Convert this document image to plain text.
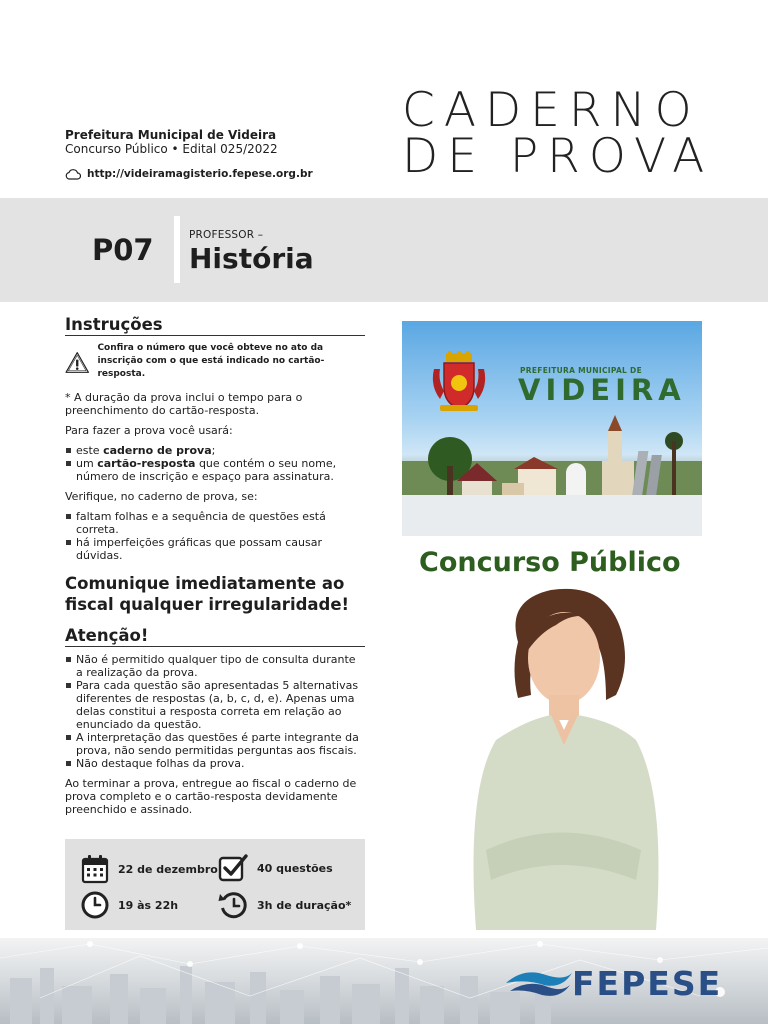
Prefeitura Municipal de Videira
Concurso Público • Edital 025/2022
http://videiramagisterio.fepese.org.br
CADERNO
DE PROVA
P07	PROFESSOR –
História
Instruções
Confira o número que você obteve no ato da inscrição com o que está indicado no cartão-resposta.
* A duração da prova inclui o tempo para o preenchimento do cartão-resposta.
Para fazer a prova você usará:
este caderno de prova;
um cartão-resposta que contém o seu nome, número de inscrição e espaço para assinatura.
Verifique, no caderno de prova, se:
faltam folhas e a sequência de questões está correta.
há imperfeições gráficas que possam causar dúvidas.
Comunique imediatamente ao fiscal qualquer irregularidade!
Atenção!
Não é permitido qualquer tipo de consulta durante a realização da prova.
Para cada questão são apresentadas 5 alternativas diferentes de respostas (a, b, c, d, e). Apenas uma delas constitui a resposta correta em relação ao enunciado da questão.
A interpretação das questões é parte integrante da prova, não sendo permitidas perguntas aos fiscais.
Não destaque folhas da prova.
Ao terminar a prova, entregue ao fiscal o caderno de prova completo e o cartão-resposta devidamente preenchido e assinado.
22 de dezembro	40 questões
19 às 22h	3h de duração*
PREFEITURA MUNICIPAL DE
VIDEIRA
Concurso Público
FEPESE
